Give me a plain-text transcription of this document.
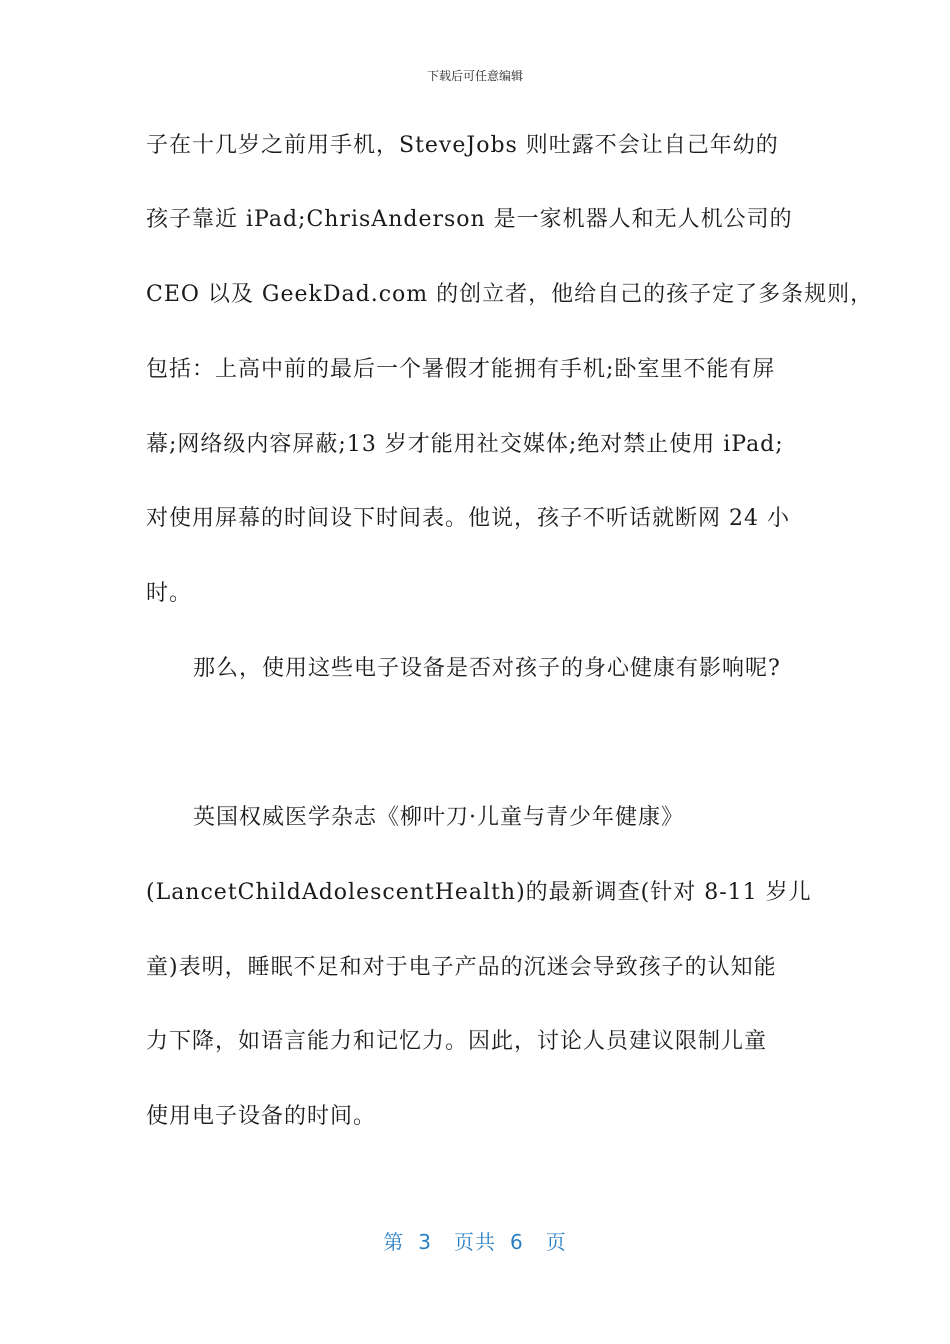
下载后可任意编辑
子在十几岁之前用手机，SteveJobs 则吐露不会让自己年幼的
孩子靠近 iPad;ChrisAnderson 是一家机器人和无人机公司的
CEO 以及 GeekDad.com 的创立者，他给自己的孩子定了多条规则，
包括：上高中前的最后一个暑假才能拥有手机;卧室里不能有屏
幕;网络级内容屏蔽;13 岁才能用社交媒体;绝对禁止使用 iPad;
对使用屏幕的时间设下时间表。他说，孩子不听话就断网 24 小
时。
那么，使用这些电子设备是否对孩子的身心健康有影响呢?
英国权威医学杂志《柳叶刀·儿童与青少年健康》
(LancetChildAdolescentHealth)的最新调查(针对 8-11 岁儿
童)表明，睡眠不足和对于电子产品的沉迷会导致孩子的认知能
力下降，如语言能力和记忆力。因此，讨论人员建议限制儿童
使用电子设备的时间。
第 3 页共 6 页
